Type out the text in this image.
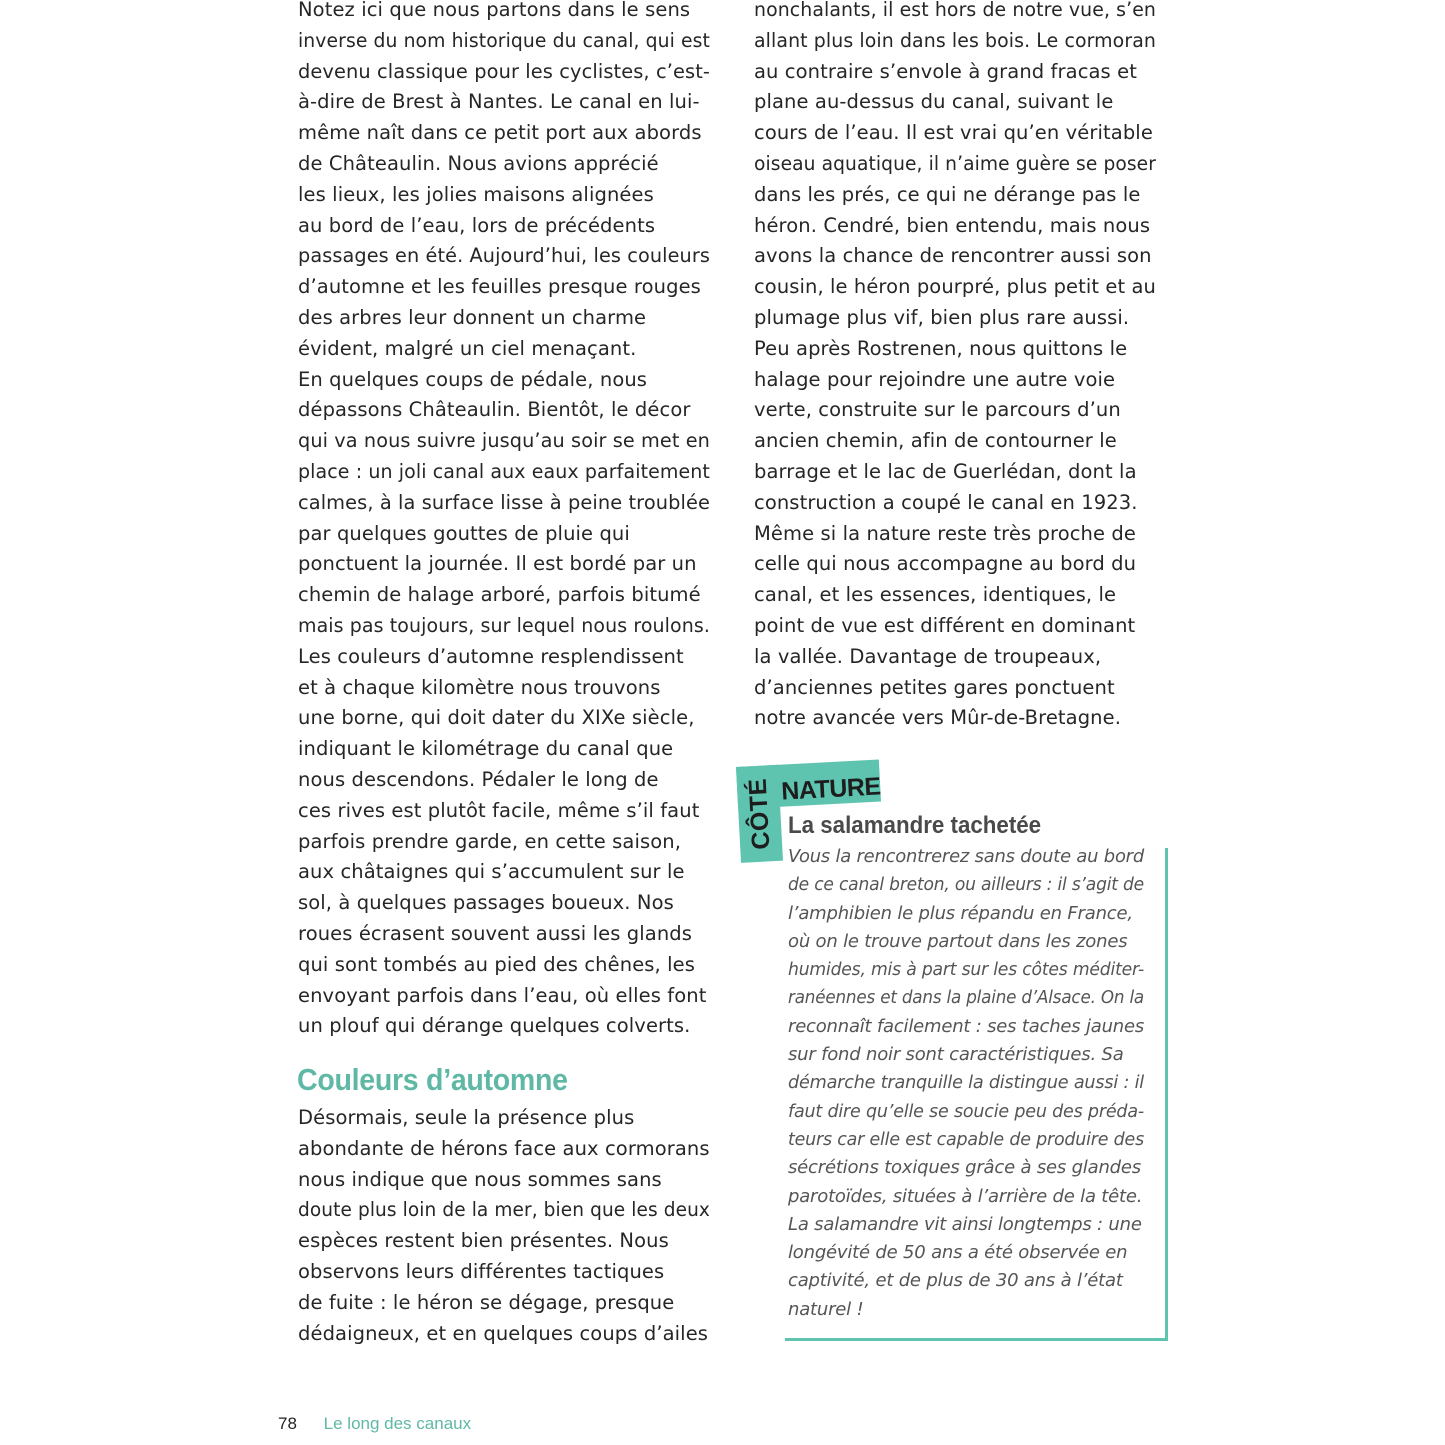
Notez ici que nous partons dans le sens
inverse du nom historique du canal, qui est
devenu classique pour les cyclistes, c’est-
à-dire de Brest à Nantes. Le canal en lui-
même naît dans ce petit port aux abords
de Châteaulin. Nous avions apprécié
les lieux, les jolies maisons alignées
au bord de l’eau, lors de précédents
passages en été. Aujourd’hui, les couleurs
d’automne et les feuilles presque rouges
des arbres leur donnent un charme
évident, malgré un ciel menaçant.
En quelques coups de pédale, nous
dépassons Châteaulin. Bientôt, le décor
qui va nous suivre jusqu’au soir se met en
place : un joli canal aux eaux parfaitement
calmes, à la surface lisse à peine troublée
par quelques gouttes de pluie qui
ponctuent la journée. Il est bordé par un
chemin de halage arboré, parfois bitumé
mais pas toujours, sur lequel nous roulons.
Les couleurs d’automne resplendissent
et à chaque kilomètre nous trouvons
une borne, qui doit dater du XIXe siècle,
indiquant le kilométrage du canal que
nous descendons. Pédaler le long de
ces rives est plutôt facile, même s’il faut
parfois prendre garde, en cette saison,
aux châtaignes qui s’accumulent sur le
sol, à quelques passages boueux. Nos
roues écrasent souvent aussi les glands
qui sont tombés au pied des chênes, les
envoyant parfois dans l’eau, où elles font
un plouf qui dérange quelques colverts.
Couleurs d’automne
Désormais, seule la présence plus
abondante de hérons face aux cormorans
nous indique que nous sommes sans
doute plus loin de la mer, bien que les deux
espèces restent bien présentes. Nous
observons leurs différentes tactiques
de fuite : le héron se dégage, presque
dédaigneux, et en quelques coups d’ailes
nonchalants, il est hors de notre vue, s’en
allant plus loin dans les bois. Le cormoran
au contraire s’envole à grand fracas et
plane au-dessus du canal, suivant le
cours de l’eau. Il est vrai qu’en véritable
oiseau aquatique, il n’aime guère se poser
dans les prés, ce qui ne dérange pas le
héron. Cendré, bien entendu, mais nous
avons la chance de rencontrer aussi son
cousin, le héron pourpré, plus petit et au
plumage plus vif, bien plus rare aussi.
Peu après Rostrenen, nous quittons le
halage pour rejoindre une autre voie
verte, construite sur le parcours d’un
ancien chemin, afin de contourner le
barrage et le lac de Guerlédan, dont la
construction a coupé le canal en 1923.
Même si la nature reste très proche de
celle qui nous accompagne au bord du
canal, et les essences, identiques, le
point de vue est différent en dominant
la vallée. Davantage de troupeaux,
d’anciennes petites gares ponctuent
notre avancée vers Mûr-de-Bretagne.
CÔTÉ NATURE
La salamandre tachetée
Vous la rencontrerez sans doute au bord
de ce canal breton, ou ailleurs : il s’agit de
l’amphibien le plus répandu en France,
où on le trouve partout dans les zones
humides, mis à part sur les côtes méditer-
ranéennes et dans la plaine d’Alsace. On la
reconnaît facilement : ses taches jaunes
sur fond noir sont caractéristiques. Sa
démarche tranquille la distingue aussi : il
faut dire qu’elle se soucie peu des préda-
teurs car elle est capable de produire des
sécrétions toxiques grâce à ses glandes
parotoïdes, situées à l’arrière de la tête.
La salamandre vit ainsi longtemps : une
longévité de 50 ans a été observée en
captivité, et de plus de 30 ans à l’état
naturel !
78 Le long des canaux
